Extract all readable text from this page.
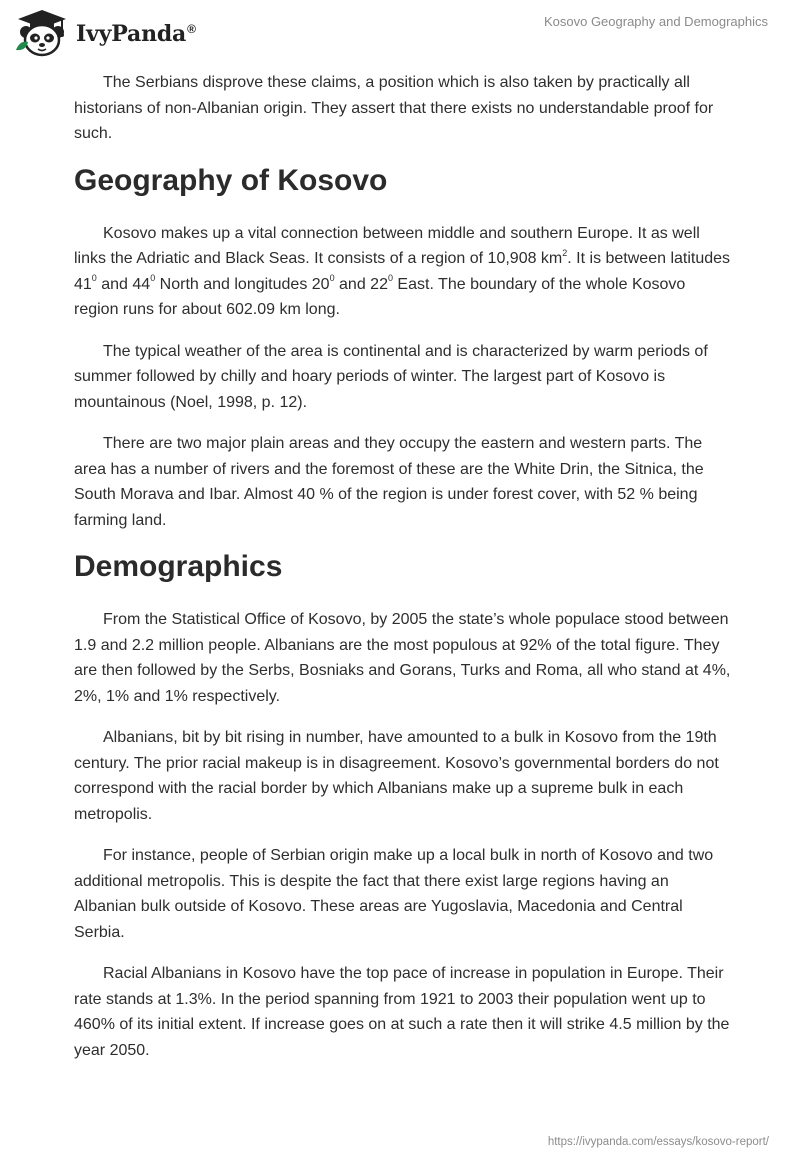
IvyPanda®	Kosovo Geography and Demographics

The Serbians disprove these claims, a position which is also taken by practically all historians of non-Albanian origin. They assert that there exists no understandable proof for such.

Geography of Kosovo

Kosovo makes up a vital connection between middle and southern Europe. It as well links the Adriatic and Black Seas. It consists of a region of 10,908 $km^2$. It is between latitudes $41^0$ and $44^0$ North and longitudes $20^0$ and $22^0$ East. The boundary of the whole Kosovo region runs for about 602.09 km long.

The typical weather of the area is continental and is characterized by warm periods of summer followed by chilly and hoary periods of winter. The largest part of Kosovo is mountainous (Noel, 1998, p. 12).

There are two major plain areas and they occupy the eastern and western parts. The area has a number of rivers and the foremost of these are the White Drin, the Sitnica, the South Morava and Ibar. Almost 40 % of the region is under forest cover, with 52 % being farming land.

Demographics

From the Statistical Office of Kosovo, by 2005 the state’s whole populace stood between 1.9 and 2.2 million people. Albanians are the most populous at 92% of the total figure. They are then followed by the Serbs, Bosniaks and Gorans, Turks and Roma, all who stand at 4%, 2%, 1% and 1% respectively.

Albanians, bit by bit rising in number, have amounted to a bulk in Kosovo from the 19th century. The prior racial makeup is in disagreement. Kosovo’s governmental borders do not correspond with the racial border by which Albanians make up a supreme bulk in each metropolis.

For instance, people of Serbian origin make up a local bulk in north of Kosovo and two additional metropolis. This is despite the fact that there exist large regions having an Albanian bulk outside of Kosovo. These areas are Yugoslavia, Macedonia and Central Serbia.

Racial Albanians in Kosovo have the top pace of increase in population in Europe. Their rate stands at 1.3%. In the period spanning from 1921 to 2003 their population went up to 460% of its initial extent. If increase goes on at such a rate then it will strike 4.5 million by the year 2050.

https://ivypanda.com/essays/kosovo-report/
